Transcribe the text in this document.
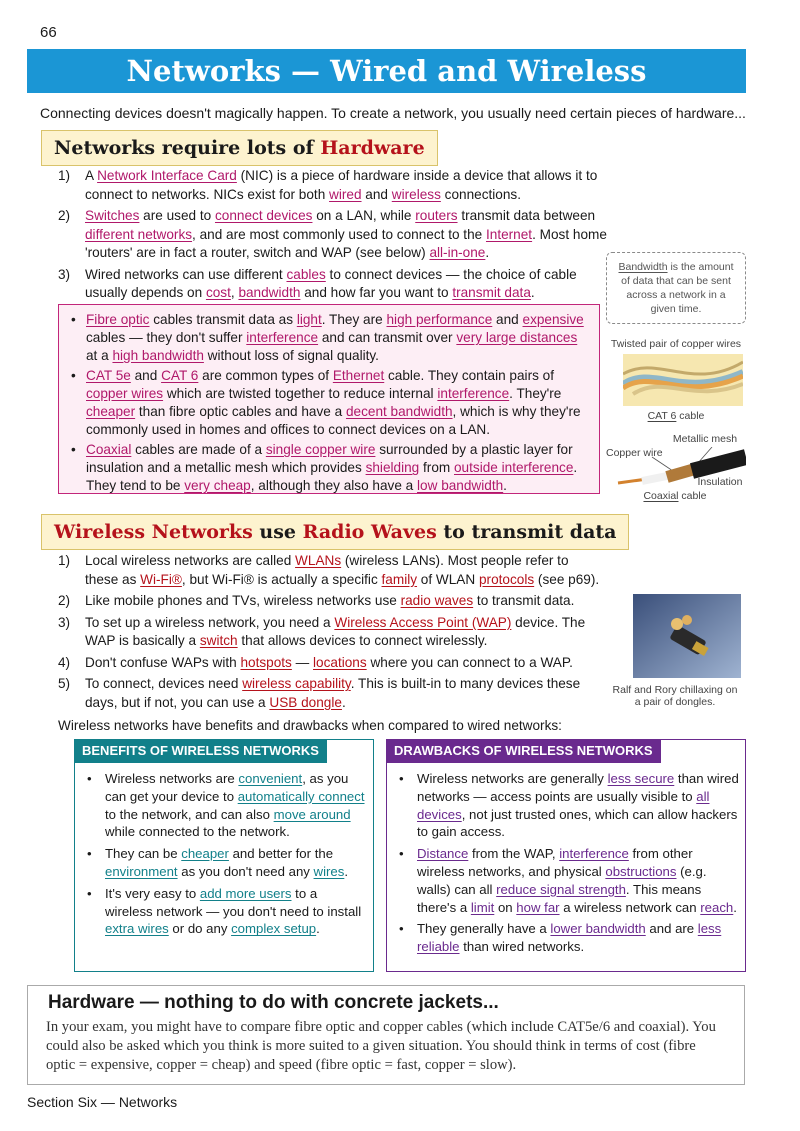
66
Networks — Wired and Wireless
Connecting devices doesn't magically happen. To create a network, you usually need certain pieces of hardware...
Networks require lots of Hardware
1) A Network Interface Card (NIC) is a piece of hardware inside a device that allows it to connect to networks. NICs exist for both wired and wireless connections.
2) Switches are used to connect devices on a LAN, while routers transmit data between different networks, and are most commonly used to connect to the Internet. Most home 'routers' are in fact a router, switch and WAP (see below) all-in-one.
3) Wired networks can use different cables to connect devices — the choice of cable usually depends on cost, bandwidth and how far you want to transmit data.
• Fibre optic cables transmit data as light. They are high performance and expensive cables — they don't suffer interference and can transmit over very large distances at a high bandwidth without loss of signal quality.
• CAT 5e and CAT 6 are common types of Ethernet cable. They contain pairs of copper wires which are twisted together to reduce internal interference. They're cheaper than fibre optic cables and have a decent bandwidth, which is why they're commonly used in homes and offices to connect devices on a LAN.
• Coaxial cables are made of a single copper wire surrounded by a plastic layer for insulation and a metallic mesh which provides shielding from outside interference. They tend to be very cheap, although they also have a low bandwidth.
Bandwidth is the amount of data that can be sent across a network in a given time.
Twisted pair of copper wires
CAT 6 cable
Metallic mesh
Copper wire
Insulation
Coaxial cable
Wireless Networks use Radio Waves to transmit data
1) Local wireless networks are called WLANs (wireless LANs). Most people refer to these as Wi-Fi®, but Wi-Fi® is actually a specific family of WLAN protocols (see p69).
2) Like mobile phones and TVs, wireless networks use radio waves to transmit data.
3) To set up a wireless network, you need a Wireless Access Point (WAP) device. The WAP is basically a switch that allows devices to connect wirelessly.
4) Don't confuse WAPs with hotspots — locations where you can connect to a WAP.
5) To connect, devices need wireless capability. This is built-in to many devices these days, but if not, you can use a USB dongle.
Ralf and Rory chillaxing on a pair of dongles.
Wireless networks have benefits and drawbacks when compared to wired networks:
BENEFITS OF WIRELESS NETWORKS
• Wireless networks are convenient, as you can get your device to automatically connect to the network, and can also move around while connected to the network.
• They can be cheaper and better for the environment as you don't need any wires.
• It's very easy to add more users to a wireless network — you don't need to install extra wires or do any complex setup.
DRAWBACKS OF WIRELESS NETWORKS
• Wireless networks are generally less secure than wired networks — access points are usually visible to all devices, not just trusted ones, which can allow hackers to gain access.
• Distance from the WAP, interference from other wireless networks, and physical obstructions (e.g. walls) can all reduce signal strength. This means there's a limit on how far a wireless network can reach.
• They generally have a lower bandwidth and are less reliable than wired networks.
Hardware — nothing to do with concrete jackets...
In your exam, you might have to compare fibre optic and copper cables (which include CAT5e/6 and coaxial). You could also be asked which you think is more suited to a given situation. You should think in terms of cost (fibre optic = expensive, copper = cheap) and speed (fibre optic = fast, copper = slow).
Section Six — Networks
